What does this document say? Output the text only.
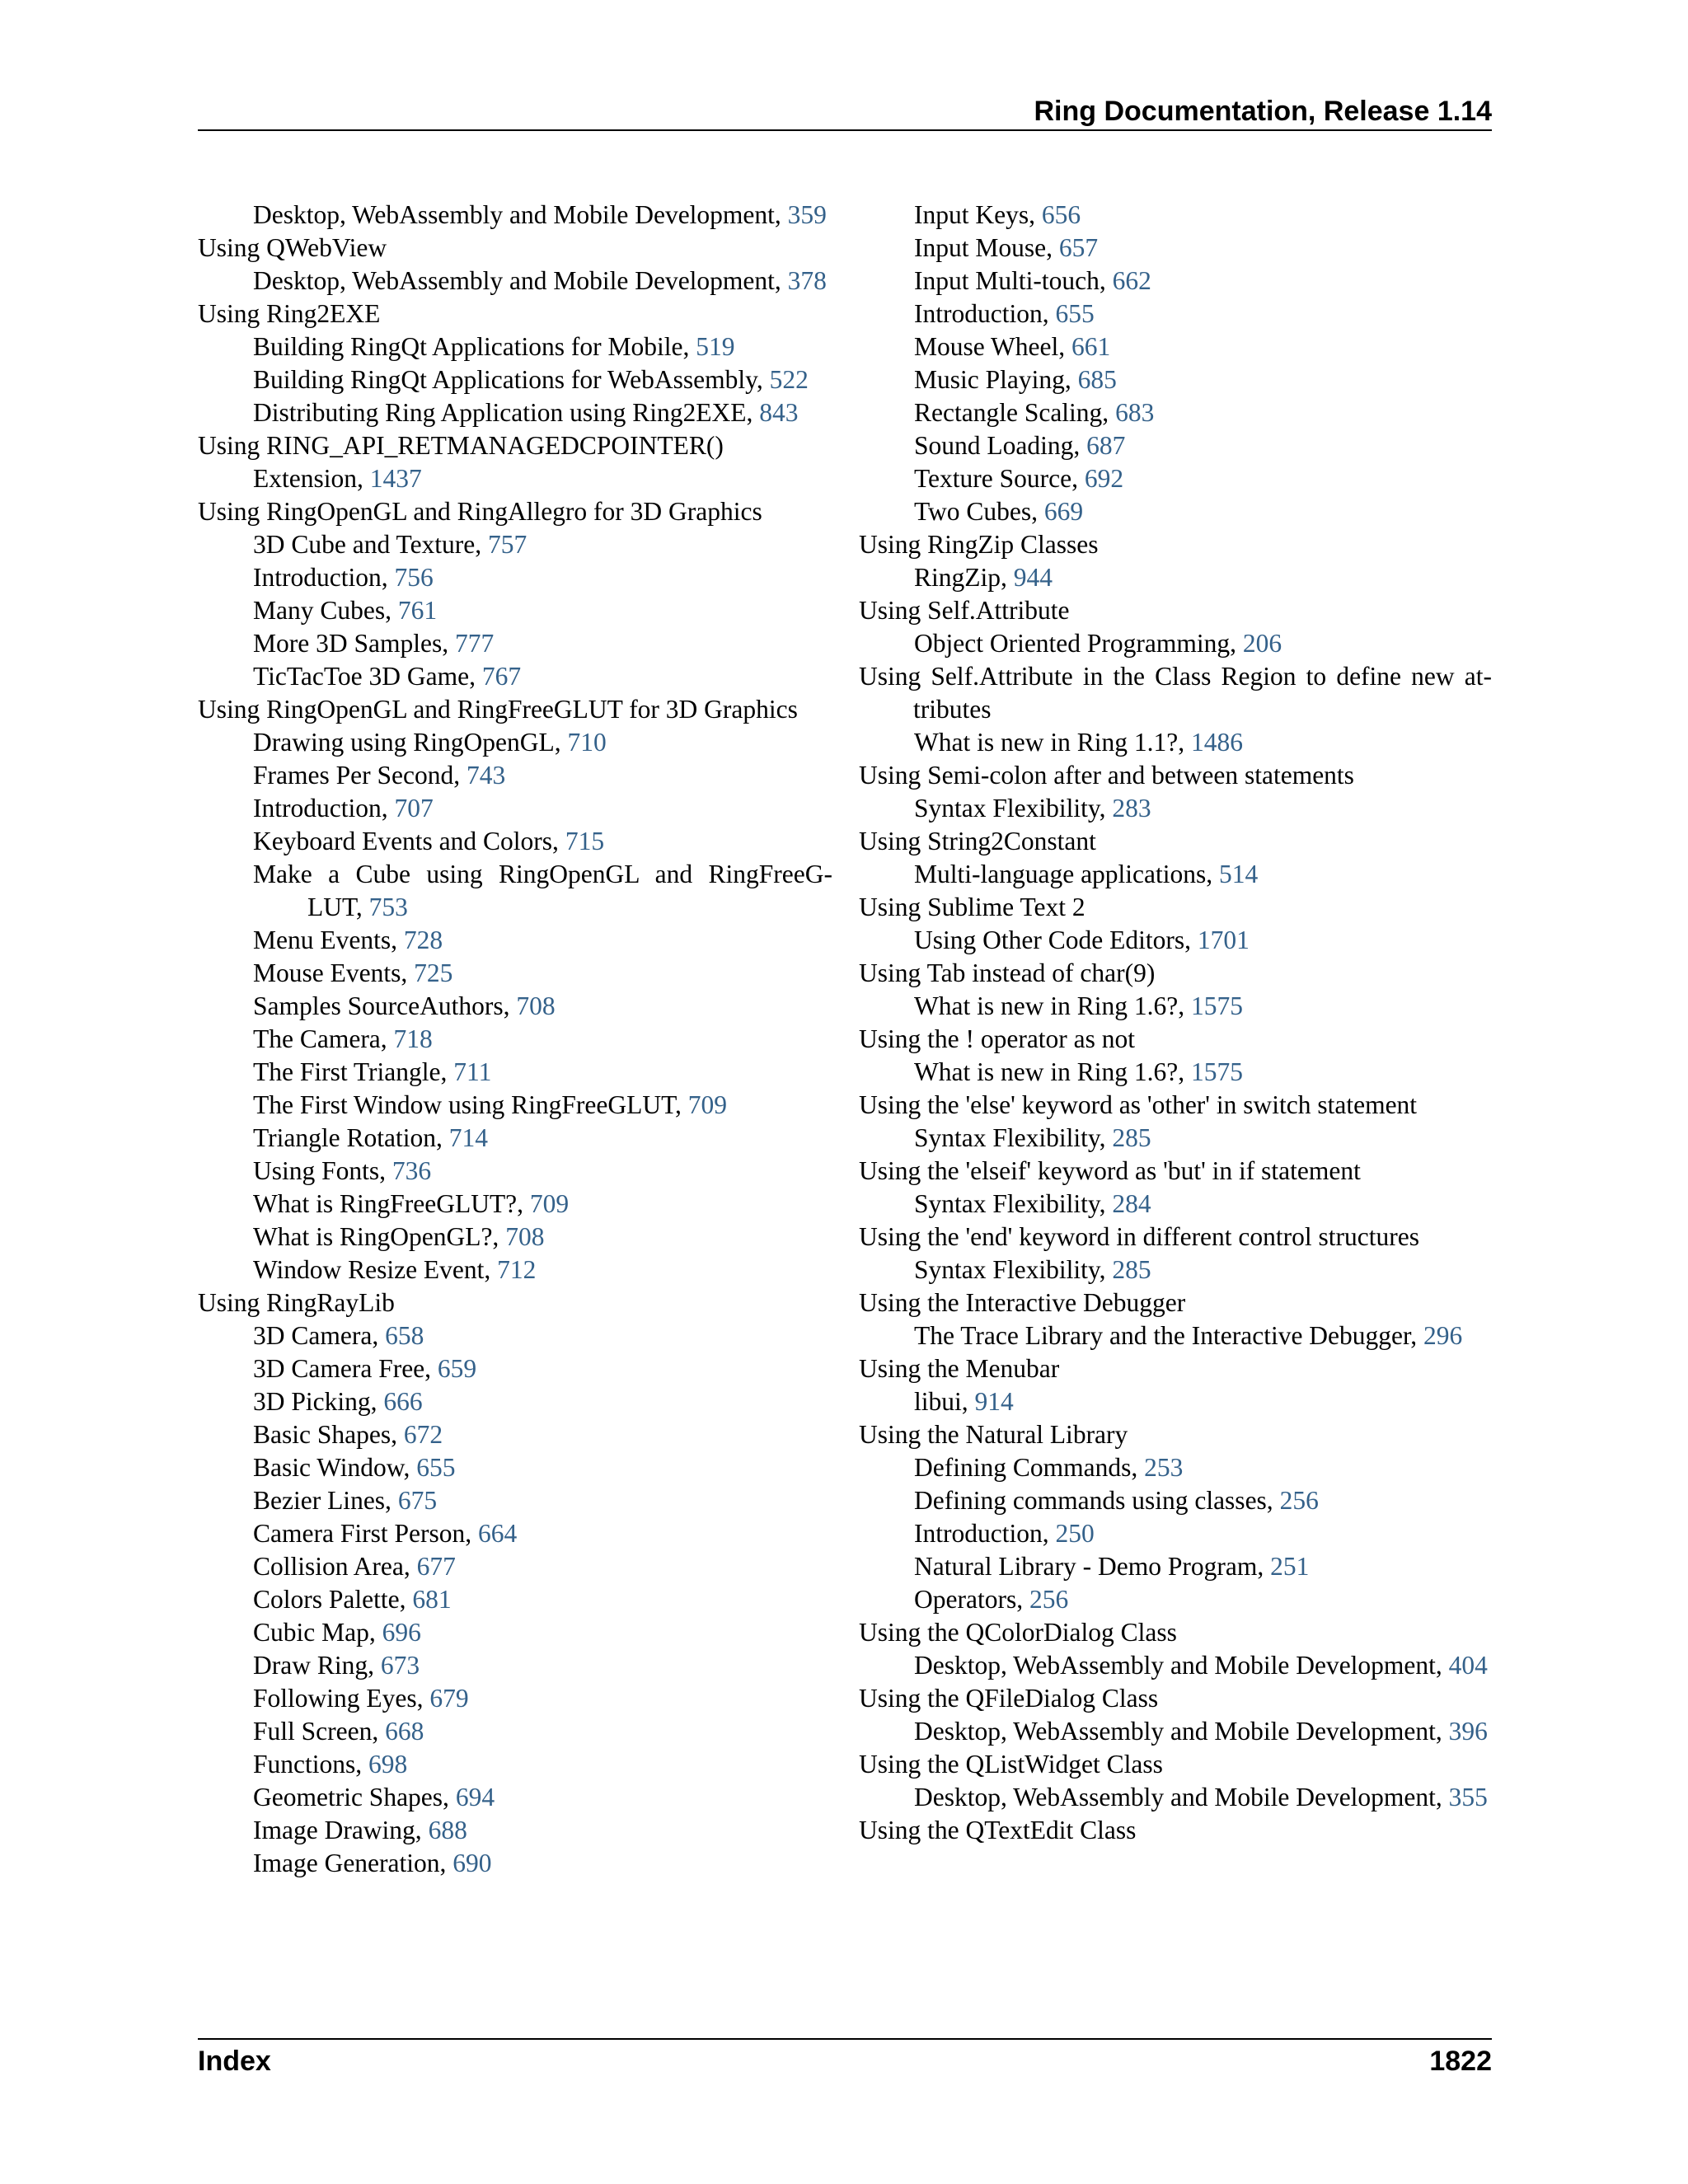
Ring Documentation, Release 1.14
Desktop, WebAssembly and Mobile Development, 359
Using QWebView
Desktop, WebAssembly and Mobile Development, 378
Using Ring2EXE
Building RingQt Applications for Mobile, 519
Building RingQt Applications for WebAssembly, 522
Distributing Ring Application using Ring2EXE, 843
Using RING_API_RETMANAGEDCPOINTER()
Extension, 1437
Using RingOpenGL and RingAllegro for 3D Graphics
3D Cube and Texture, 757
Introduction, 756
Many Cubes, 761
More 3D Samples, 777
TicTacToe 3D Game, 767
Using RingOpenGL and RingFreeGLUT for 3D Graphics
Drawing using RingOpenGL, 710
Frames Per Second, 743
Introduction, 707
Keyboard Events and Colors, 715
Make a Cube using RingOpenGL and RingFreeG- LUT, 753
Menu Events, 728
Mouse Events, 725
Samples SourceAuthors, 708
The Camera, 718
The First Triangle, 711
The First Window using RingFreeGLUT, 709
Triangle Rotation, 714
Using Fonts, 736
What is RingFreeGLUT?, 709
What is RingOpenGL?, 708
Window Resize Event, 712
Using RingRayLib
3D Camera, 658
3D Camera Free, 659
3D Picking, 666
Basic Shapes, 672
Basic Window, 655
Bezier Lines, 675
Camera First Person, 664
Collision Area, 677
Colors Palette, 681
Cubic Map, 696
Draw Ring, 673
Following Eyes, 679
Full Screen, 668
Functions, 698
Geometric Shapes, 694
Image Drawing, 688
Image Generation, 690
Input Keys, 656
Input Mouse, 657
Input Multi-touch, 662
Introduction, 655
Mouse Wheel, 661
Music Playing, 685
Rectangle Scaling, 683
Sound Loading, 687
Texture Source, 692
Two Cubes, 669
Using RingZip Classes
RingZip, 944
Using Self.Attribute
Object Oriented Programming, 206
Using Self.Attribute in the Class Region to define new at- tributes
What is new in Ring 1.1?, 1486
Using Semi-colon after and between statements
Syntax Flexibility, 283
Using String2Constant
Multi-language applications, 514
Using Sublime Text 2
Using Other Code Editors, 1701
Using Tab instead of char(9)
What is new in Ring 1.6?, 1575
Using the ! operator as not
What is new in Ring 1.6?, 1575
Using the 'else' keyword as 'other' in switch statement
Syntax Flexibility, 285
Using the 'elseif' keyword as 'but' in if statement
Syntax Flexibility, 284
Using the 'end' keyword in different control structures
Syntax Flexibility, 285
Using the Interactive Debugger
The Trace Library and the Interactive Debugger, 296
Using the Menubar
libui, 914
Using the Natural Library
Defining Commands, 253
Defining commands using classes, 256
Introduction, 250
Natural Library - Demo Program, 251
Operators, 256
Using the QColorDialog Class
Desktop, WebAssembly and Mobile Development, 404
Using the QFileDialog Class
Desktop, WebAssembly and Mobile Development, 396
Using the QListWidget Class
Desktop, WebAssembly and Mobile Development, 355
Using the QTextEdit Class
Index	1822
